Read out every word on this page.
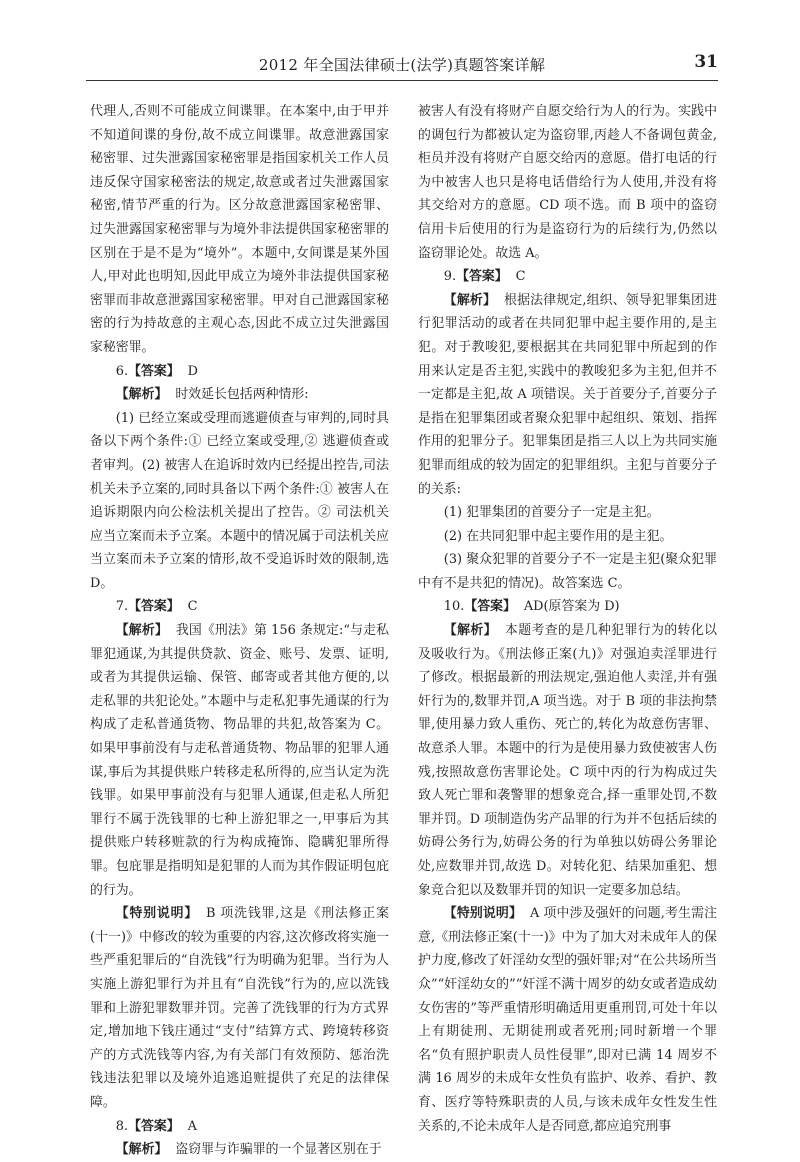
2012 年全国法律硕士(法学)真题答案详解	31

代理人,否则不可能成立间谍罪。在本案中,由于甲并不知道间谍的身份,故不成立间谍罪。故意泄露国家秘密罪、过失泄露国家秘密罪是指国家机关工作人员违反保守国家秘密法的规定,故意或者过失泄露国家秘密,情节严重的行为。区分故意泄露国家秘密罪、过失泄露国家秘密罪与为境外非法提供国家秘密罪的区别在于是不是为“境外”。本题中,女间谍是某外国人,甲对此也明知,因此甲成立为境外非法提供国家秘密罪而非故意泄露国家秘密罪。甲对自己泄露国家秘密的行为持故意的主观心态,因此不成立过失泄露国家秘密罪。

6.【答案】 D

【解析】 时效延长包括两种情形:

(1) 已经立案或受理而逃避侦查与审判的,同时具备以下两个条件:① 已经立案或受理,② 逃避侦查或者审判。(2) 被害人在追诉时效内已经提出控告,司法机关未予立案的,同时具备以下两个条件:① 被害人在追诉期限内向公检法机关提出了控告。② 司法机关应当立案而未予立案。本题中的情况属于司法机关应当立案而未予立案的情形,故不受追诉时效的限制,选 D。

7.【答案】 C

【解析】 我国《刑法》第 156 条规定:“与走私罪犯通谋,为其提供贷款、资金、账号、发票、证明,或者为其提供运输、保管、邮寄或者其他方便的,以走私罪的共犯论处。”本题中与走私犯事先通谋的行为构成了走私普通货物、物品罪的共犯,故答案为 C。如果甲事前没有与走私普通货物、物品罪的犯罪人通谋,事后为其提供账户转移走私所得的,应当认定为洗钱罪。如果甲事前没有与犯罪人通谋,但走私人所犯罪行不属于洗钱罪的七种上游犯罪之一,甲事后为其提供账户转移赃款的行为构成掩饰、隐瞒犯罪所得罪。包庇罪是指明知是犯罪的人而为其作假证明包庇的行为。

【特别说明】 B 项洗钱罪,这是《刑法修正案(十一)》中修改的较为重要的内容,这次修改将实施一些严重犯罪后的“自洗钱”行为明确为犯罪。当行为人实施上游犯罪行为并且有“自洗钱”行为的,应以洗钱罪和上游犯罪数罪并罚。完善了洗钱罪的行为方式界定,增加地下钱庄通过“支付”结算方式、跨境转移资产的方式洗钱等内容,为有关部门有效预防、惩治洗钱违法犯罪以及境外追逃追赃提供了充足的法律保障。

8.【答案】 A

【解析】 盗窃罪与诈骗罪的一个显著区别在于

被害人有没有将财产自愿交给行为人的行为。实践中的调包行为都被认定为盗窃罪,丙趁人不备调包黄金,柜员并没有将财产自愿交给丙的意愿。借打电话的行为中被害人也只是将电话借给行为人使用,并没有将其交给对方的意愿。CD 项不选。而 B 项中的盗窃信用卡后使用的行为是盗窃行为的后续行为,仍然以盗窃罪论处。故选 A。

9.【答案】 C

【解析】 根据法律规定,组织、领导犯罪集团进行犯罪活动的或者在共同犯罪中起主要作用的,是主犯。对于教唆犯,要根据其在共同犯罪中所起到的作用来认定是否主犯,实践中的教唆犯多为主犯,但并不一定都是主犯,故 A 项错误。关于首要分子,首要分子是指在犯罪集团或者聚众犯罪中起组织、策划、指挥作用的犯罪分子。犯罪集团是指三人以上为共同实施犯罪而组成的较为固定的犯罪组织。主犯与首要分子的关系:

(1) 犯罪集团的首要分子一定是主犯。

(2) 在共同犯罪中起主要作用的是主犯。

(3) 聚众犯罪的首要分子不一定是主犯(聚众犯罪中有不是共犯的情况)。故答案选 C。

10.【答案】 AD(原答案为 D)

【解析】 本题考查的是几种犯罪行为的转化以及吸收行为。《刑法修正案(九)》对强迫卖淫罪进行了修改。根据最新的刑法规定,强迫他人卖淫,并有强奸行为的,数罪并罚,A 项当选。对于 B 项的非法拘禁罪,使用暴力致人重伤、死亡的,转化为故意伤害罪、故意杀人罪。本题中的行为是使用暴力致使被害人伤残,按照故意伤害罪论处。C 项中丙的行为构成过失致人死亡罪和袭警罪的想象竞合,择一重罪处罚,不数罪并罚。D 项制造伪劣产品罪的行为并不包括后续的妨碍公务行为,妨碍公务的行为单独以妨碍公务罪论处,应数罪并罚,故选 D。对转化犯、结果加重犯、想象竞合犯以及数罪并罚的知识一定要多加总结。

【特别说明】 A 项中涉及强奸的问题,考生需注意,《刑法修正案(十一)》中为了加大对未成年人的保护力度,修改了奸淫幼女型的强奸罪;对“在公共场所当众”“奸淫幼女的”“奸淫不满十周岁的幼女或者造成幼女伤害的”等严重情形明确适用更重刑罚,可处十年以上有期徒刑、无期徒刑或者死刑;同时新增一个罪名“负有照护职责人员性侵罪”,即对已满 14 周岁不满 16 周岁的未成年女性负有监护、收养、看护、教育、医疗等特殊职责的人员,与该未成年女性发生性关系的,不论未成年人是否同意,都应追究刑事
